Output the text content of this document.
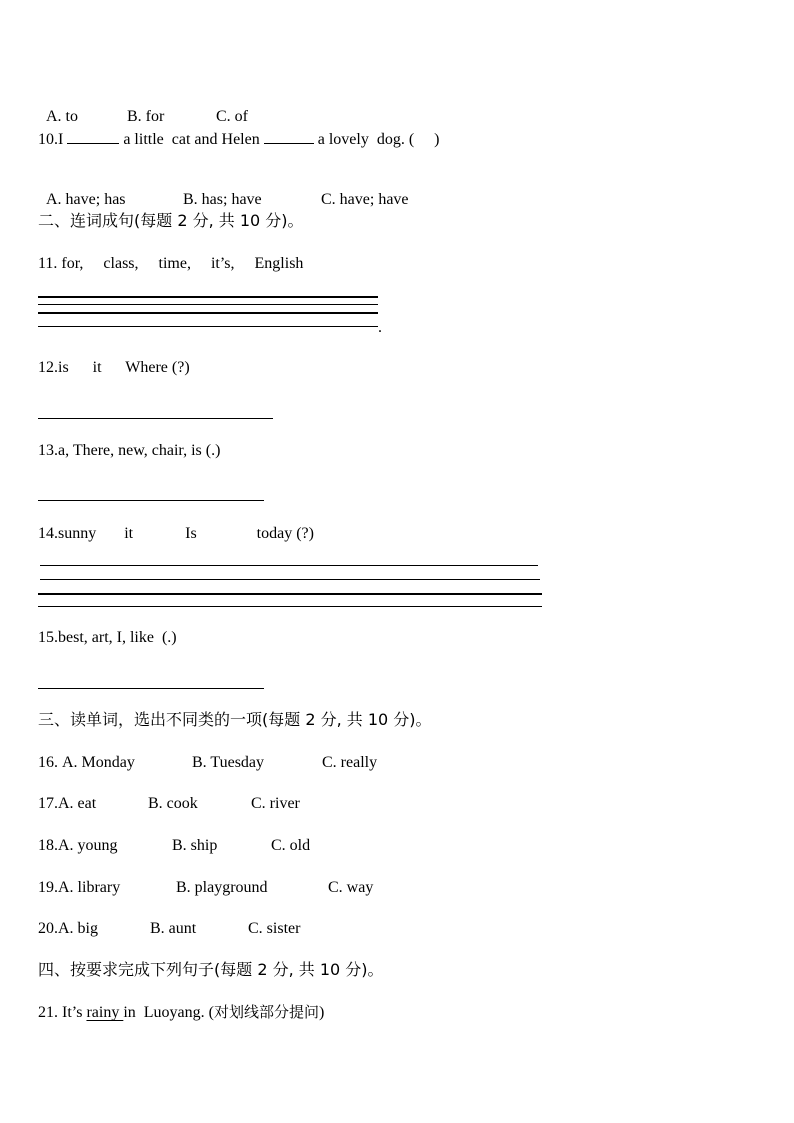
A. to	B. for	C. of

10.I	a little  cat and Helen	a lovely  dog. (     )

A. have; has	B. has; have	C. have; have

二、连词成句(每题 2 分, 共 10 分)。
11. for,     class,     time,     it’s,     English
.
12.is      it      Where (?)
13.a, There, new, chair, is (.)
14.sunny       it             Is               today (?)
15.best, art, I, like  (.)
三、读单词，选出不同类的一项(每题 2 分, 共 10 分)。
16. A. Monday	B. Tuesday	C. really
17.A. eat	B. cook	C. river
18.A. young	B. ship	C. old
19.A. library	B. playground	C. way
20.A. big	B. aunt	C. sister
四、按要求完成下列句子(每题 2 分, 共 10 分)。
21. It’s rainy in  Luoyang. (对划线部分提问)
